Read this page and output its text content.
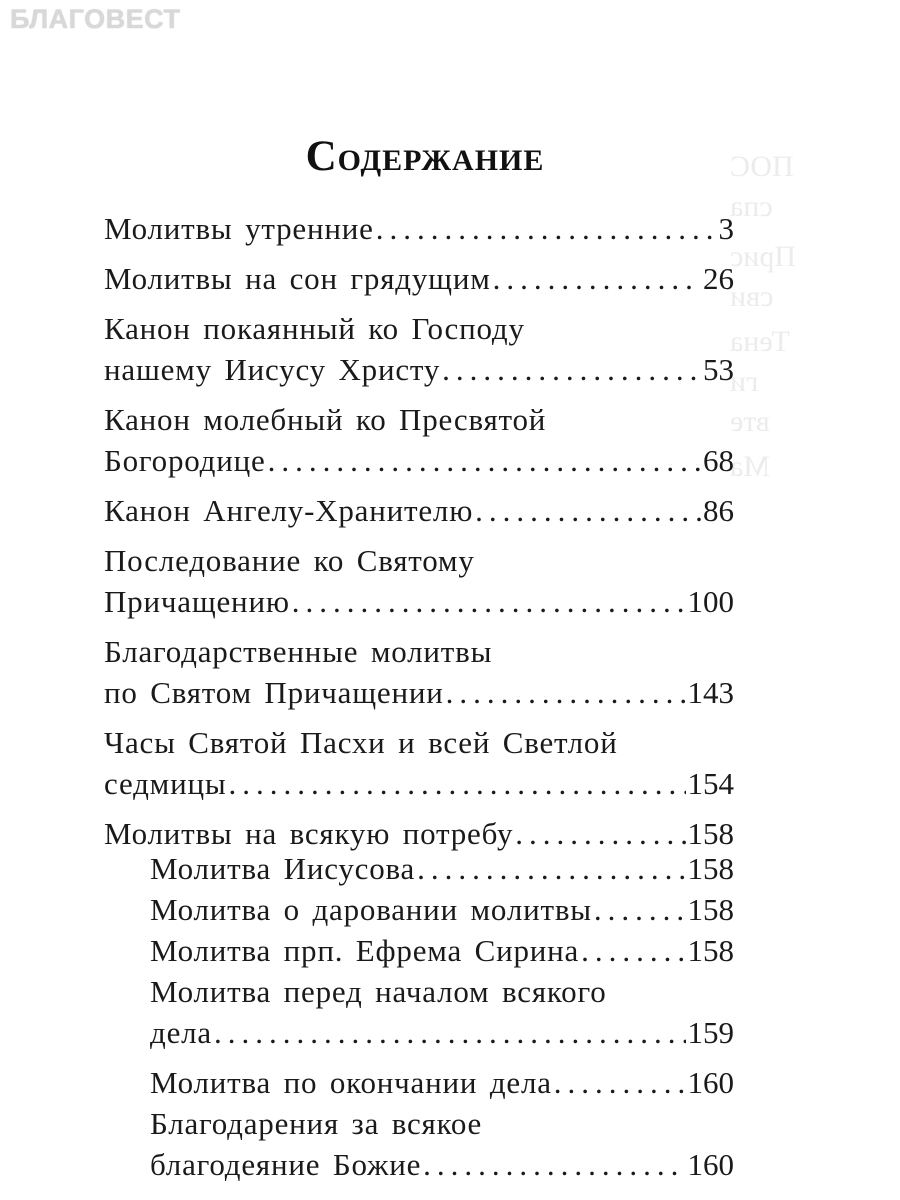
БЛАГОВЕСТ
ПОС
спа
Прис
сви
Тена
ги
вте
Ма
Содержание
Молитвы утренние .....	3
Молитвы на сон грядущим .....	26
Канон покаянный ко Господу
нашему Иисусу Христу .....	53
Канон молебный ко Пресвятой
Богородице .....	68
Канон Ангелу-Хранителю .....	86
Последование ко Святому
Причащению .....	100
Благодарственные молитвы
по Святом Причащении .....	143
Часы Святой Пасхи и всей Светлой
седмицы .....	154
Молитвы на всякую потребу .....	158
Молитва Иисусова .....	158
Молитва о даровании молитвы .....	158
Молитва прп. Ефрема Сирина .....	158
Молитва перед началом всякого
дела .....	159
Молитва по окончании дела .....	160
Благодарения за всякое
благодеяние Божие .....	160
